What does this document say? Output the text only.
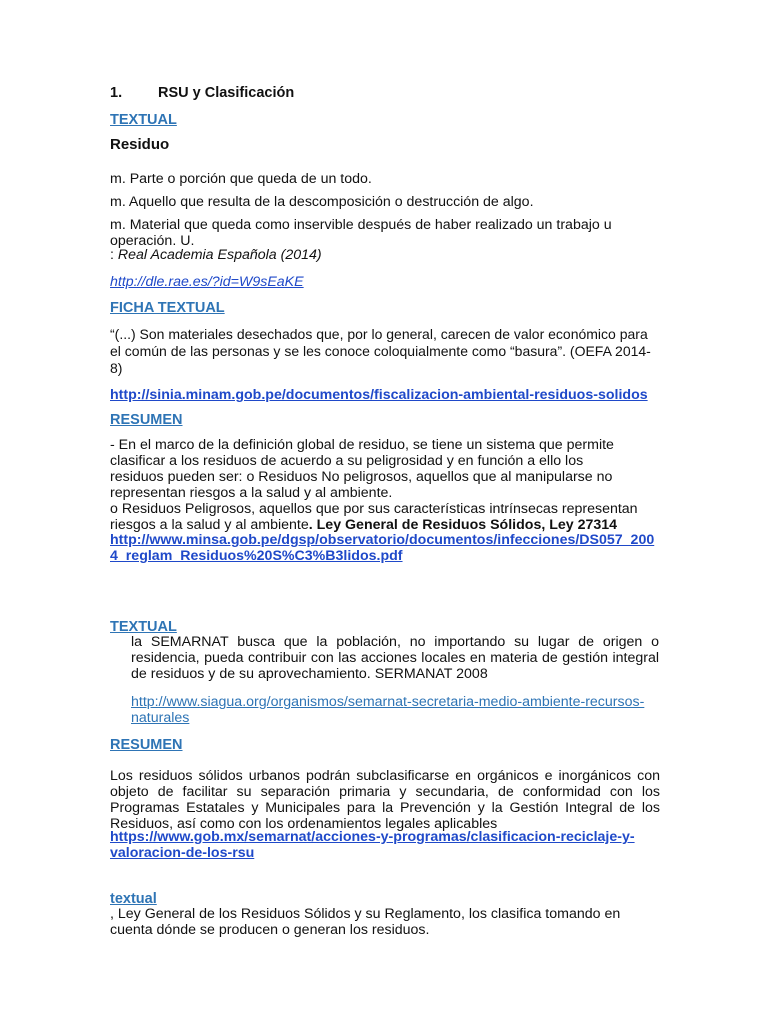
1. RSU y Clasificación
TEXTUAL
Residuo
m. Parte o porción que queda de un todo.
m. Aquello que resulta de la descomposición o destrucción de algo.
m. Material que queda como inservible después de haber realizado un trabajo u operación. U.
: Real Academia Española (2014)
http://dle.rae.es/?id=W9sEaKE
FICHA TEXTUAL
“(...) Son materiales desechados que, por lo general, carecen de valor económico para el común de las personas y se les conoce coloquialmente como “basura”. (OEFA 2014-8)
http://sinia.minam.gob.pe/documentos/fiscalizacion-ambiental-residuos-solidos
RESUMEN
- En el marco de la definición global de residuo, se tiene un sistema que permite clasificar a los residuos de acuerdo a su peligrosidad y en función a ello los residuos pueden ser: o Residuos No peligrosos, aquellos que al manipularse no representan riesgos a la salud y al ambiente.
o Residuos Peligrosos, aquellos que por sus características intrínsecas representan riesgos a la salud y al ambiente. Ley General de Residuos Sólidos, Ley 27314
http://www.minsa.gob.pe/dgsp/observatorio/documentos/infecciones/DS057_2004_reglam_Residuos%20S%C3%B3lidos.pdf
TEXTUAL
la SEMARNAT busca que la población, no importando su lugar de origen o residencia, pueda contribuir con las acciones locales en materia de gestión integral de residuos y de su aprovechamiento. SERMANAT 2008
http://www.siagua.org/organismos/semarnat-secretaria-medio-ambiente-recursos-naturales
RESUMEN
Los residuos sólidos urbanos podrán subclasificarse en orgánicos e inorgánicos con objeto de facilitar su separación primaria y secundaria, de conformidad con los Programas Estatales y Municipales para la Prevención y la Gestión Integral de los Residuos, así como con los ordenamientos legales aplicables
https://www.gob.mx/semarnat/acciones-y-programas/clasificacion-reciclaje-y-valoracion-de-los-rsu
textual
, Ley General de los Residuos Sólidos y su Reglamento, los clasifica tomando en cuenta dónde se producen o generan los residuos.
